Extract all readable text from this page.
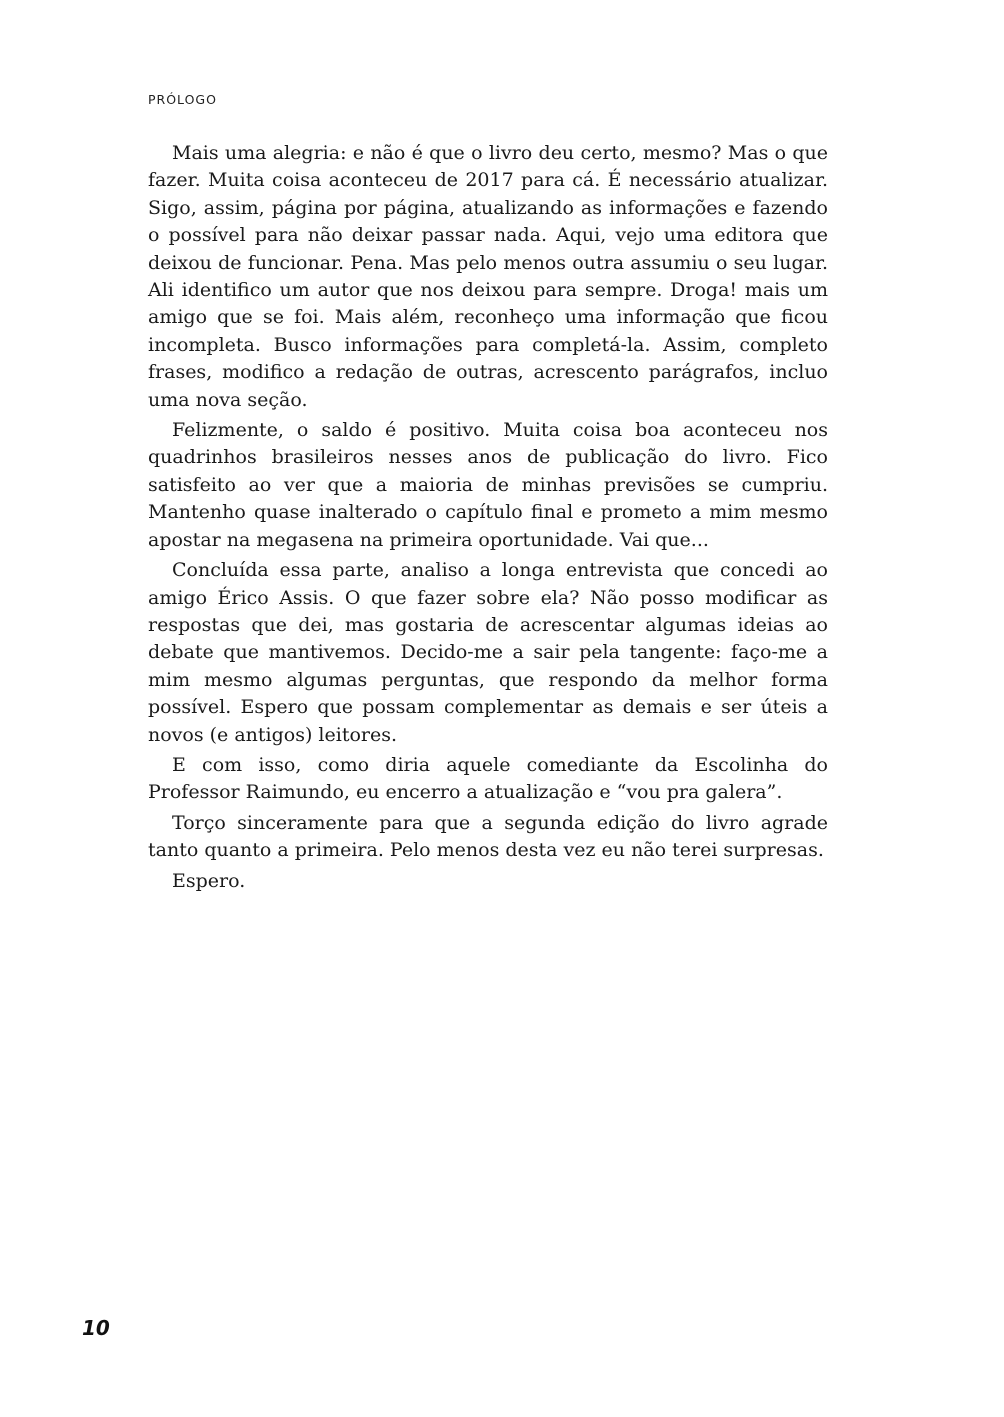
PRÓLOGO

Mais uma alegria: e não é que o livro deu certo, mesmo? Mas o que fazer. Muita coisa aconteceu de 2017 para cá. É necessário atualizar. Sigo, assim, página por página, atualizando as informações e fazendo o possível para não deixar passar nada. Aqui, vejo uma editora que deixou de funcionar. Pena. Mas pelo menos outra assumiu o seu lugar. Ali identifico um autor que nos deixou para sempre. Droga! mais um amigo que se foi. Mais além, reconheço uma informação que ficou incompleta. Busco informações para completá-la. Assim, completo frases, modifico a redação de outras, acrescento parágrafos, incluo uma nova seção.

Felizmente, o saldo é positivo. Muita coisa boa aconteceu nos quadrinhos brasileiros nesses anos de publicação do livro. Fico satisfeito ao ver que a maioria de minhas previsões se cumpriu. Mantenho quase inalterado o capítulo final e prometo a mim mesmo apostar na megasena na primeira oportunidade. Vai que...

Concluída essa parte, analiso a longa entrevista que concedi ao amigo Érico Assis. O que fazer sobre ela? Não posso modificar as respostas que dei, mas gostaria de acrescentar algumas ideias ao debate que mantivemos. Decido-me a sair pela tangente: faço-me a mim mesmo algumas perguntas, que respondo da melhor forma possível. Espero que possam complementar as demais e ser úteis a novos (e antigos) leitores.

E com isso, como diria aquele comediante da Escolinha do Professor Raimundo, eu encerro a atualização e “vou pra galera”.

Torço sinceramente para que a segunda edição do livro agrade tanto quanto a primeira. Pelo menos desta vez eu não terei surpresas.

Espero.

10
